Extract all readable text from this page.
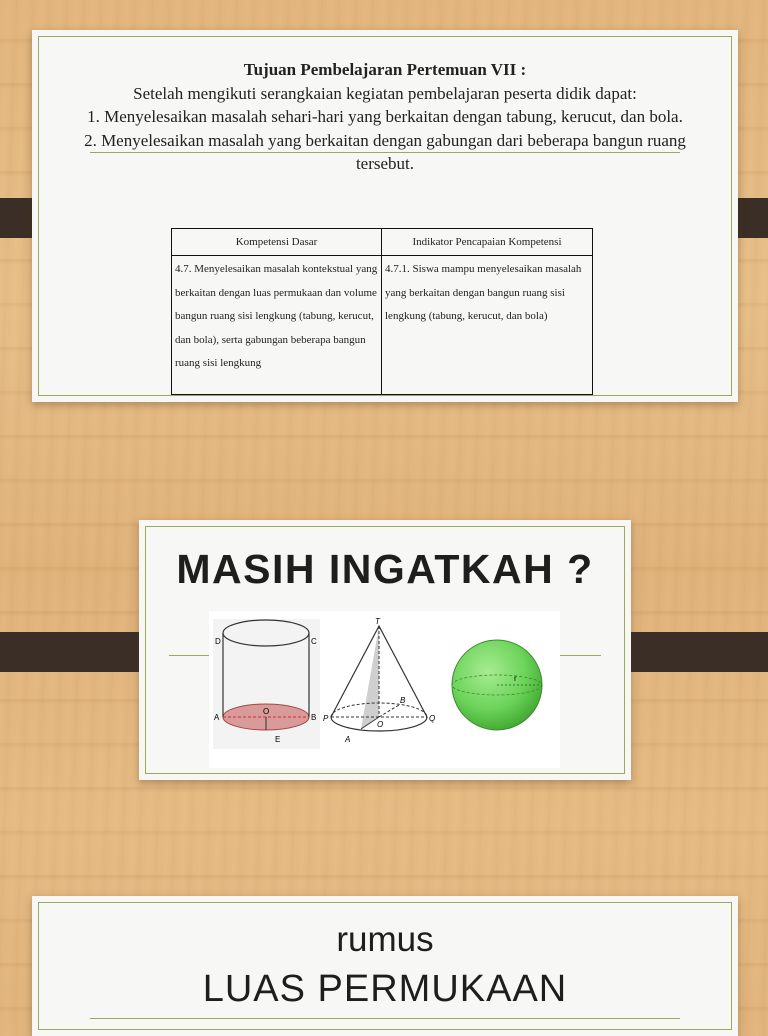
Tujuan Pembelajaran Pertemuan VII :
Setelah mengikuti serangkaian kegiatan pembelajaran peserta didik dapat:
1. Menyelesaikan masalah sehari-hari yang berkaitan dengan tabung, kerucut, dan bola.
2. Menyelesaikan masalah yang berkaitan dengan gabungan dari beberapa bangun ruang tersebut.
Kompetensi Dasar	Indikator Pencapaian Kompetensi
4.7. Menyelesaikan masalah kontekstual yang berkaitan dengan luas permukaan dan volume bangun ruang sisi lengkung (tabung, kerucut, dan bola), serta gabungan beberapa bangun ruang sisi lengkung	4.7.1. Siswa mampu menyelesaikan masalah yang berkaitan dengan bangun ruang sisi lengkung (tabung, kerucut, dan bola)
MASIH INGATKAH ?
D	C
A	B
O
E
T
B
P
O
Q
A
r
rumus
LUAS PERMUKAAN
